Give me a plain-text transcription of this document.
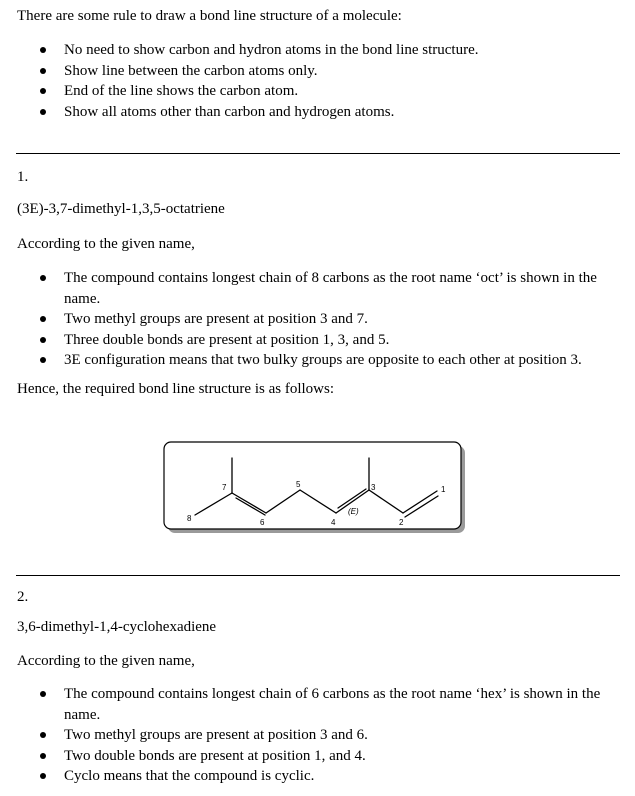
There are some rule to draw a bond line structure of a molecule:
No need to show carbon and hydron atoms in the bond line structure.
Show line between the carbon atoms only.
End of the line shows the carbon atom.
Show all atoms other than carbon and hydrogen atoms.
1.
(3E)-3,7-dimethyl-1,3,5-octatriene
According to the given name,
The compound contains longest chain of 8 carbons as the root name ‘oct’ is shown in the name.
Two methyl groups are present at position 3 and 7.
Three double bonds are present at position 1, 3, and 5.
3E configuration means that two bulky groups are opposite to each other at position 3.
Hence, the required bond line structure is as follows:
8
7
6
5
4
3
2
1
(E)
2.
3,6-dimethyl-1,4-cyclohexadiene
According to the given name,
The compound contains longest chain of 6 carbons as the root name ‘hex’ is shown in the name.
Two methyl groups are present at position 3 and 6.
Two double bonds are present at position 1, and 4.
Cyclo means that the compound is cyclic.
